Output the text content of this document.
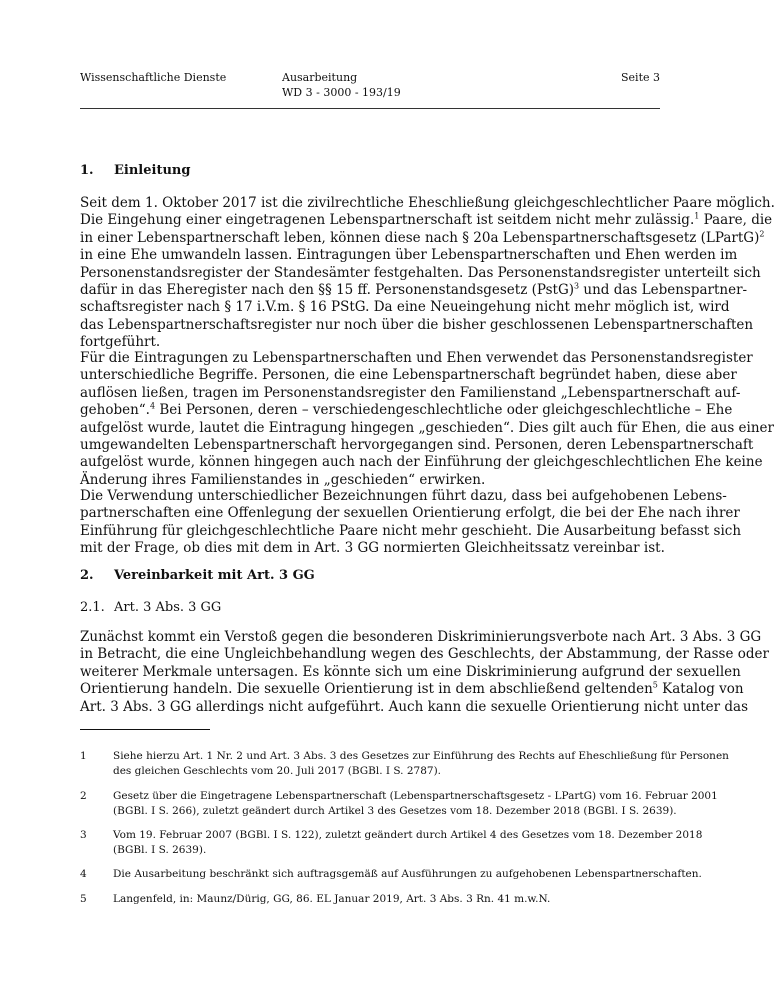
Wissenschaftliche Dienste	Ausarbeitung
WD 3 - 3000 - 193/19
Seite 3
1. Einleitung
Seit dem 1. Oktober 2017 ist die zivilrechtliche Eheschließung gleichgeschlechtlicher Paare möglich.
Die Eingehung einer eingetragenen Lebenspartnerschaft ist seitdem nicht mehr zulässig.$^1$ Paare, die
in einer Lebenspartnerschaft leben, können diese nach § 20a Lebenspartnerschaftsgesetz (LPartG)$^2$
in eine Ehe umwandeln lassen. Eintragungen über Lebenspartnerschaften und Ehen werden im
Personenstandsregister der Standesämter festgehalten. Das Personenstandsregister unterteilt sich
dafür in das Eheregister nach den §§ 15 ff. Personenstandsgesetz (PstG)$^3$ und das Lebenspartner-
schaftsregister nach § 17 i.V.m. § 16 PStG. Da eine Neueingehung nicht mehr möglich ist, wird
das Lebenspartnerschaftsregister nur noch über die bisher geschlossenen Lebenspartnerschaften
fortgeführt.
Für die Eintragungen zu Lebenspartnerschaften und Ehen verwendet das Personenstandsregister
unterschiedliche Begriffe. Personen, die eine Lebenspartnerschaft begründet haben, diese aber
auflösen ließen, tragen im Personenstandsregister den Familienstand „Lebenspartnerschaft auf-
gehoben“.$^4$ Bei Personen, deren – verschiedengeschlechtliche oder gleichgeschlechtliche – Ehe
aufgelöst wurde, lautet die Eintragung hingegen „geschieden“. Dies gilt auch für Ehen, die aus einer
umgewandelten Lebenspartnerschaft hervorgegangen sind. Personen, deren Lebenspartnerschaft
aufgelöst wurde, können hingegen auch nach der Einführung der gleichgeschlechtlichen Ehe keine
Änderung ihres Familienstandes in „geschieden“ erwirken.
Die Verwendung unterschiedlicher Bezeichnungen führt dazu, dass bei aufgehobenen Lebens-
partnerschaften eine Offenlegung der sexuellen Orientierung erfolgt, die bei der Ehe nach ihrer
Einführung für gleichgeschlechtliche Paare nicht mehr geschieht. Die Ausarbeitung befasst sich
mit der Frage, ob dies mit dem in Art. 3 GG normierten Gleichheitssatz vereinbar ist.
2. Vereinbarkeit mit Art. 3 GG
2.1. Art. 3 Abs. 3 GG
Zunächst kommt ein Verstoß gegen die besonderen Diskriminierungsverbote nach Art. 3 Abs. 3 GG
in Betracht, die eine Ungleichbehandlung wegen des Geschlechts, der Abstammung, der Rasse oder
weiterer Merkmale untersagen. Es könnte sich um eine Diskriminierung aufgrund der sexuellen
Orientierung handeln. Die sexuelle Orientierung ist in dem abschließend geltenden$^5$ Katalog von
Art. 3 Abs. 3 GG allerdings nicht aufgeführt. Auch kann die sexuelle Orientierung nicht unter das
1	Siehe hierzu Art. 1 Nr. 2 und Art. 3 Abs. 3 des Gesetzes zur Einführung des Rechts auf Eheschließung für Personen
des gleichen Geschlechts vom 20. Juli 2017 (BGBl. I S. 2787).
2	Gesetz über die Eingetragene Lebenspartnerschaft (Lebenspartnerschaftsgesetz - LPartG) vom 16. Februar 2001
(BGBl. I S. 266), zuletzt geändert durch Artikel 3 des Gesetzes vom 18. Dezember 2018 (BGBl. I S. 2639).
3	Vom 19. Februar 2007 (BGBl. I S. 122), zuletzt geändert durch Artikel 4 des Gesetzes vom 18. Dezember 2018
(BGBl. I S. 2639).
4	Die Ausarbeitung beschränkt sich auftragsgemäß auf Ausführungen zu aufgehobenen Lebenspartnerschaften.
5	Langenfeld, in: Maunz/Dürig, GG, 86. EL Januar 2019, Art. 3 Abs. 3 Rn. 41 m.w.N.
